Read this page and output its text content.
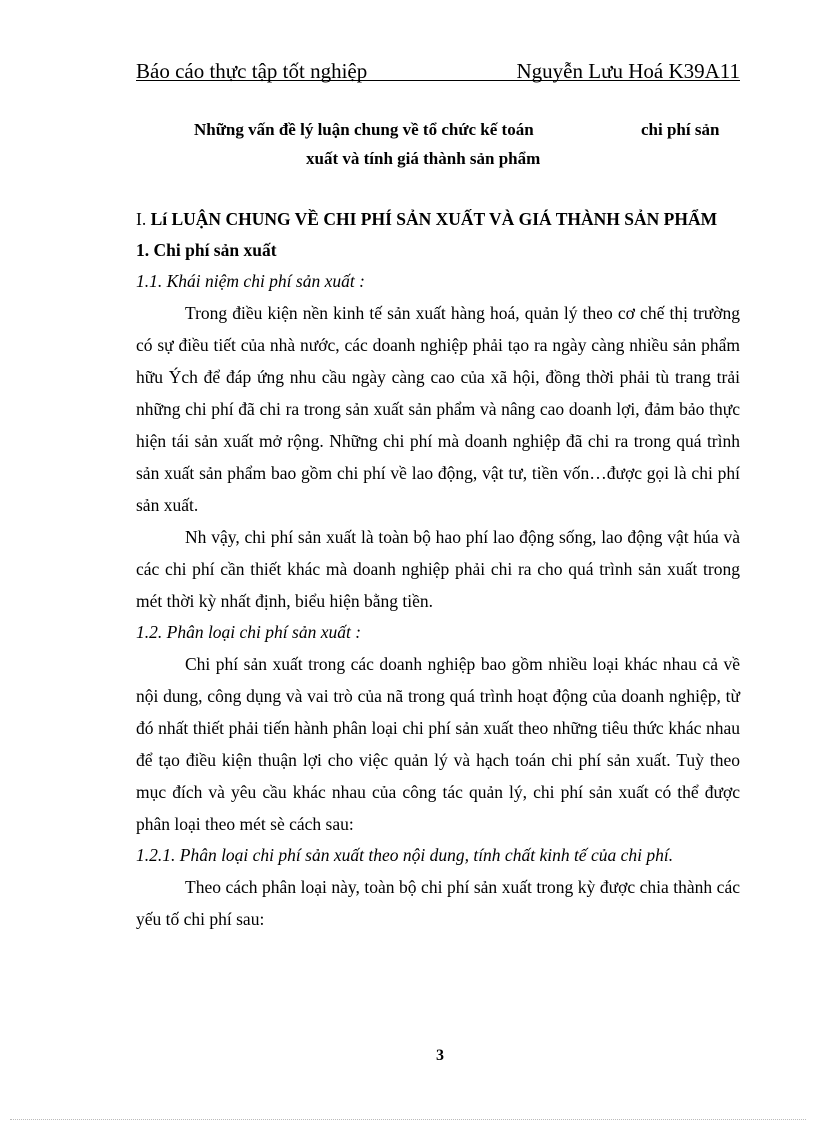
Báo cáo thực tập tốt nghiệp	Nguyễn Lưu Hoá K39A11
Những vấn đề lý luận chung về tổ chức kế toán	chi phí sản
xuất và tính giá thành sản phẩm

I. Lí LUẬN CHUNG VỀ CHI PHÍ SẢN XUẤT VÀ GIÁ THÀNH SẢN PHẨM

1. Chi phí sản xuất

1.1. Khái niệm chi phí sản xuất :

Trong điều kiện nền kinh tế sản xuất hàng hoá, quản lý theo cơ chế thị trường có sự điều tiết của nhà nước, các doanh nghiệp phải tạo ra ngày càng nhiều sản phẩm hữu Ých để đáp ứng nhu cầu ngày càng cao của xã hội, đồng thời phải tù trang trải những chi phí đã chi ra trong sản xuất sản phẩm và nâng cao doanh lợi, đảm bảo thực hiện tái sản xuất mở rộng. Những chi phí mà doanh nghiệp đã chi ra trong quá trình sản xuất sản phẩm bao gồm chi phí về lao động, vật tư, tiền vốn…được gọi là chi phí sản xuất.

Nh vậy, chi phí sản xuất là toàn bộ hao phí lao động sống, lao động vật húa và các chi phí cần thiết khác mà doanh nghiệp phải chi ra cho quá trình sản xuất trong mét thời kỳ nhất định, biểu hiện bằng tiền.

1.2. Phân loại chi phí sản xuất :

Chi phí sản xuất trong các doanh nghiệp bao gồm nhiều loại khác nhau cả về nội dung, công dụng và vai trò của nã trong quá trình hoạt động của doanh nghiệp, từ đó nhất thiết phải tiến hành phân loại chi phí sản xuất theo những tiêu thức khác nhau để tạo điều kiện thuận lợi cho việc quản lý và hạch toán chi phí sản xuất. Tuỳ theo mục đích và yêu cầu khác nhau của công tác quản lý, chi phí sản xuất có thể được phân loại theo mét sè cách sau:

1.2.1. Phân loại chi phí sản xuất theo nội dung, tính chất kinh tế của chi phí.

Theo cách phân loại này, toàn bộ chi phí sản xuất trong kỳ được chia thành các yếu tố chi phí sau:

3
